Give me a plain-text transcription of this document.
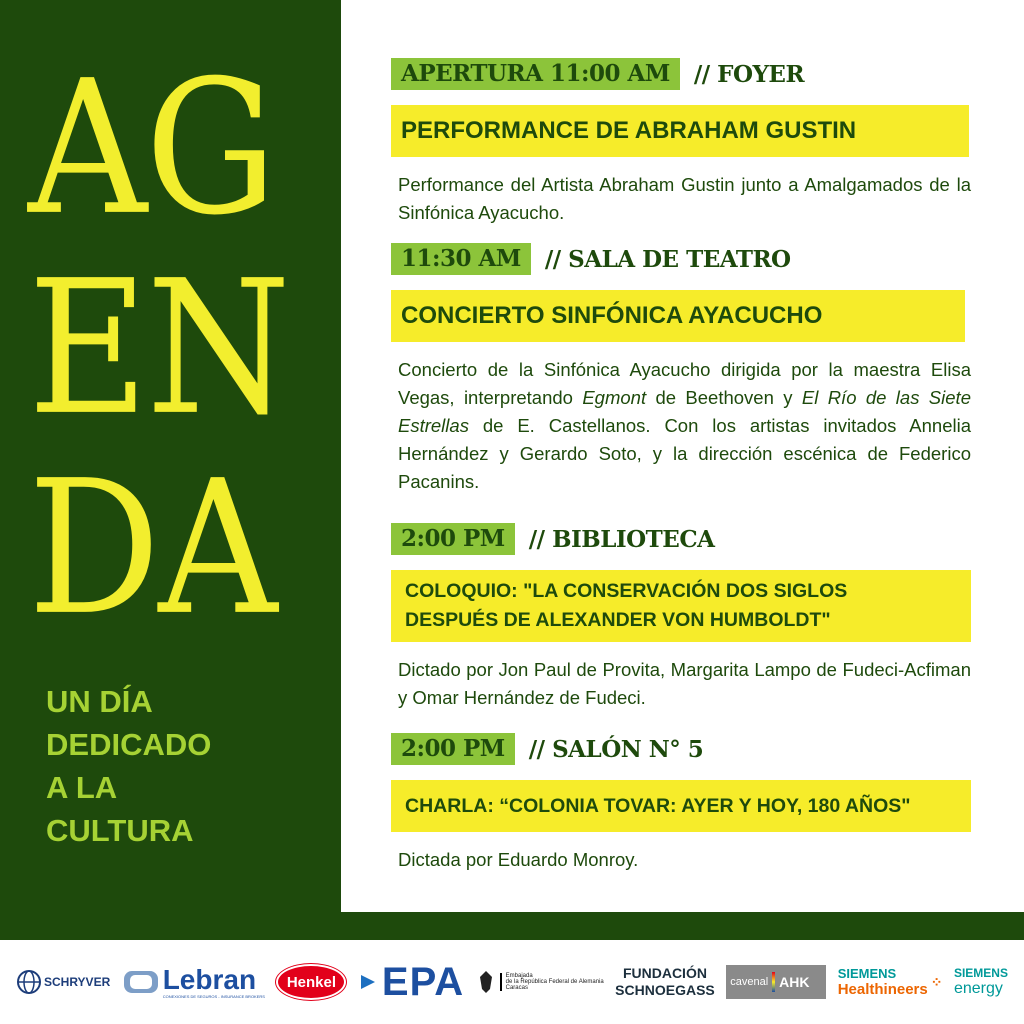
AG
EN
DA
UN DÍA
DEDICADO
A LA
CULTURA
APERTURA 11:00 AM	// FOYER
PERFORMANCE DE ABRAHAM GUSTIN
Performance del Artista Abraham Gustin junto a Amalgamados de la Sinfónica Ayacucho.
11:30 AM	// SALA DE TEATRO
CONCIERTO SINFÓNICA AYACUCHO
Concierto de la Sinfónica Ayacucho dirigida por la maestra Elisa Vegas, interpretando Egmont de Beethoven y El Río de las Siete Estrellas de E. Castellanos. Con los artistas invitados Annelia Hernández y Gerardo Soto, y la dirección escénica de Federico Pacanins.
2:00 PM	// BIBLIOTECA
COLOQUIO: "LA CONSERVACIÓN DOS SIGLOS
DESPUÉS DE ALEXANDER VON HUMBOLDT"
Dictado por Jon Paul de Provita, Margarita Lampo de Fudeci-Acfiman y Omar Hernández de Fudeci.
2:00 PM	// SALÓN N° 5
CHARLA: “COLONIA TOVAR: AYER Y HOY, 180 AÑOS"
Dictada por Eduardo Monroy.
SCHRYVER Lebran
CONEXIONES DE SEGUROS - INSURANCE BROKERS
Henkel EPA	Embajada
de la República Federal de Alemania
Caracas
FUNDACIÓN
SCHNOEGASS cavenal AHK
SIEMENS
Healthineers ⁘
SIEMENS
energy
